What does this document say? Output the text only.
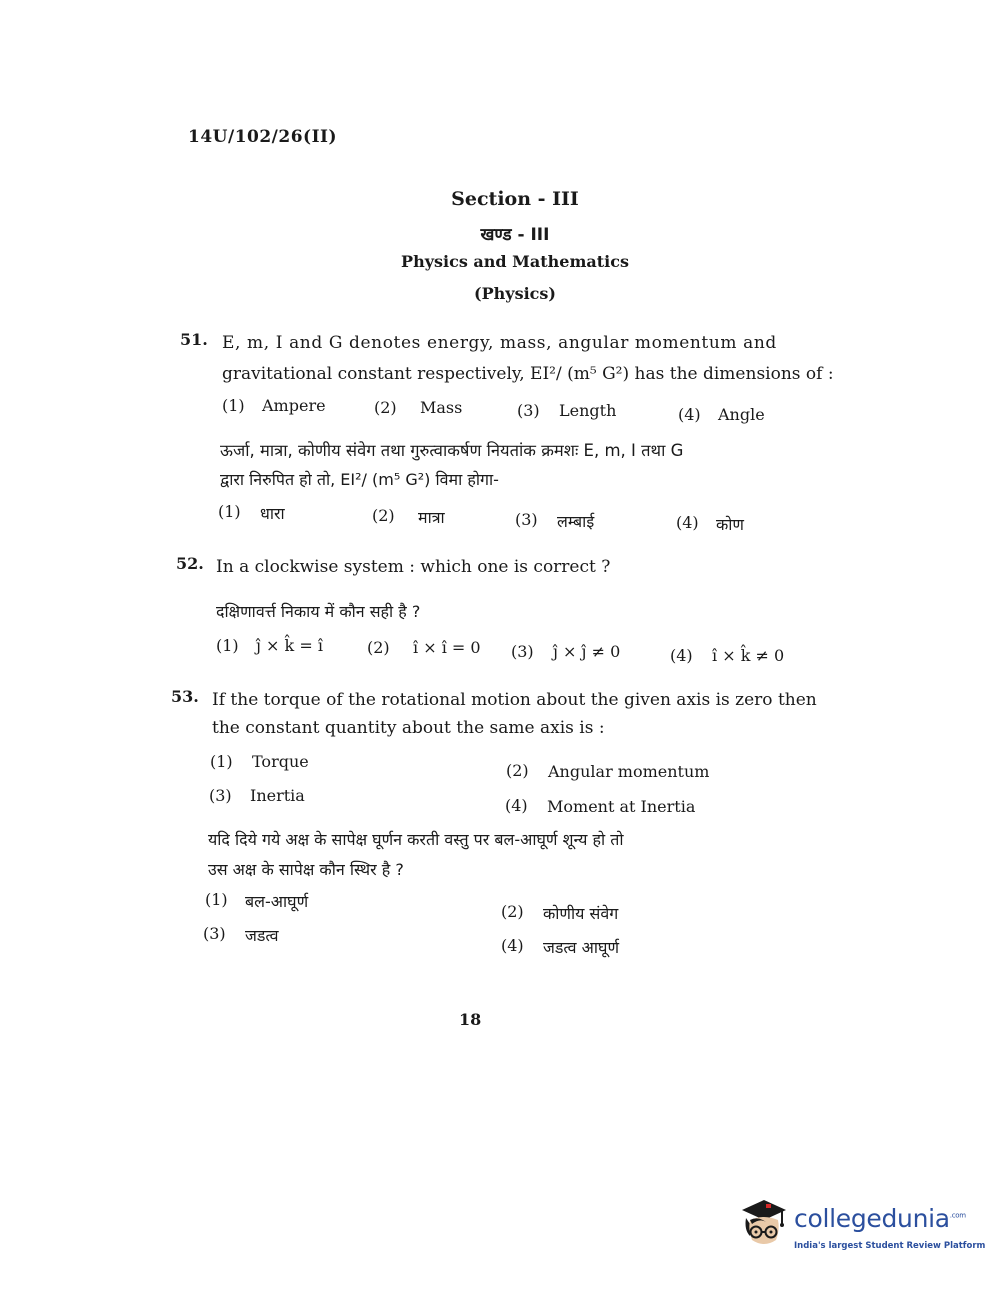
14U/102/26(II)
Section - III
खण्ड - III
Physics and Mathematics
(Physics)
51. E, m, I and G denotes energy, mass, angular momentum and
gravitational constant respectively, EI²/ (m⁵ G²) has the dimensions of :
(1) Ampere	(2) Mass	(3) Length	(4) Angle
ऊर्जा, मात्रा, कोणीय संवेग तथा गुरुत्वाकर्षण नियतांक क्रमशः E, m, I तथा G
द्वारा निरुपित हो तो, EI²/ (m⁵ G²) विमा होगा-
(1) धारा	(2) मात्रा	(3) लम्बाई	(4) कोण
52. In a clockwise system : which one is correct ?
दक्षिणावर्त्त निकाय में कौन सही है ?
(1) ĵ × k̂ = î	(2) î × î = 0 (3) ĵ × ĵ ≠ 0	(4) î × k̂ ≠ 0
53. If the torque of the rotational motion about the given axis is zero then
the constant quantity about the same axis is :
(1) Torque	(2) Angular momentum
(3) Inertia
(4) Moment at Inertia
यदि दिये गये अक्ष के सापेक्ष घूर्णन करती वस्तु पर बल-आघूर्ण शून्य हो तो
उस अक्ष के सापेक्ष कौन स्थिर है ?
(1) बल-आघूर्ण
(2) कोणीय संवेग
(3) जडत्व
(4) जडत्व आघूर्ण
18
collegedunia$^{.com}$
India's largest Student Review Platform
